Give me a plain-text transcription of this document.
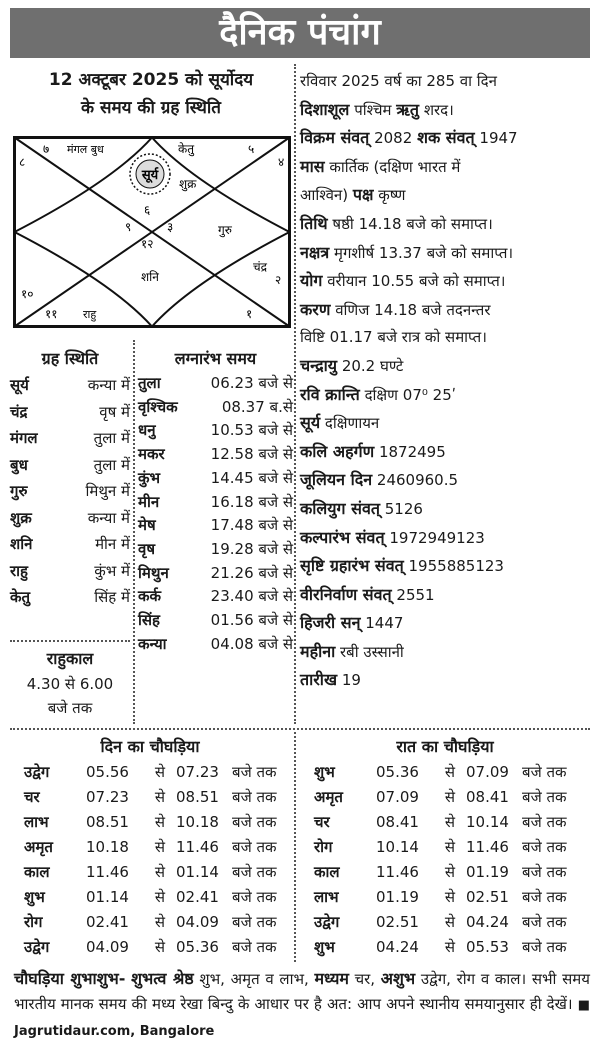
दैनिक पंचांग
12 अक्टूबर 2025 को सूर्योदय
के समय की ग्रह स्थिति
सूर्य
मंगल बुध	केतु
शुक्र
गुरु
शनि
चंद्र
राहु
७	५
४
८
६
९	३
१२
२
१०
११	१
ग्रह स्थिति
सूर्य	कन्या में
चंद्र	वृष में
मंगल	तुला में
बुध	तुला में
गुरु	मिथुन में
शुक्र	कन्या में
शनि	मीन में
राहु	कुंभ में
केतु	सिंह में
राहुकाल
4.30 से 6.00
बजे तक
लग्नारंभ समय
तुला	06.23 बजे से
वृश्चिक	08.37 ब.से
धनु	10.53 बजे से
मकर	12.58 बजे से
कुंभ	14.45 बजे से
मीन	16.18 बजे से
मेष	17.48 बजे से
वृष	19.28 बजे से
मिथुन	21.26 बजे से
कर्क	23.40 बजे से
सिंह	01.56 बजे से
कन्या	04.08 बजे से
रविवार 2025 वर्ष का 285 वा दिन
दिशाशूल पश्चिम ऋतु शरद।
विक्रम संवत् 2082 शक संवत् 1947
मास कार्तिक (दक्षिण भारत में
आश्विन) पक्ष कृष्ण
तिथि षष्ठी 14.18 बजे को समाप्त।
नक्षत्र मृगशीर्ष 13.37 बजे को समाप्त।
योग वरीयान 10.55 बजे को समाप्त।
करण वणिज 14.18 बजे तदनन्तर
विष्टि 01.17 बजे रात्र को समाप्त।
चन्द्रायु 20.2 घण्टे
रवि क्रान्ति दक्षिण 07⁰ 25ʹ
सूर्य दक्षिणायन
कलि अहर्गण 1872495
जूलियन दिन 2460960.5
कलियुग संवत् 5126
कल्पारंभ संवत् 1972949123
सृष्टि ग्रहारंभ संवत् 1955885123
वीरनिर्वाण संवत् 2551
हिजरी सन् 1447
महीना रबी उस्सानी
तारीख 19
दिन का चौघड़िया	रात का चौघड़िया
उद्वेग	05.56	से 07.23 बजे तक
चर	07.23	से 08.51 बजे तक
लाभ	08.51	से 10.18 बजे तक
अमृत	10.18	से 11.46 बजे तक
काल	11.46	से 01.14 बजे तक
शुभ	01.14	से 02.41 बजे तक
रोग	02.41	से 04.09 बजे तक
उद्वेग	04.09	से 05.36 बजे तक
शुभ	05.36	से 07.09 बजे तक
अमृत	07.09	से 08.41 बजे तक
चर	08.41	से 10.14 बजे तक
रोग	10.14	से 11.46 बजे तक
काल	11.46	से 01.19 बजे तक
लाभ	01.19	से 02.51 बजे तक
उद्वेग	02.51	से 04.24 बजे तक
शुभ	04.24	से 05.53 बजे तक
चौघड़िया शुभाशुभ- शुभत्व श्रेष्ठ शुभ, अमृत व लाभ, मध्यम चर, अशुभ उद्वेग, रोग व काल। सभी समय भारतीय मानक समय की मध्य रेखा बिन्दु के आधार पर है अत: आप अपने स्थानीय समयानुसार ही देखें। ■ Jagrutidaur.com, Bangalore
